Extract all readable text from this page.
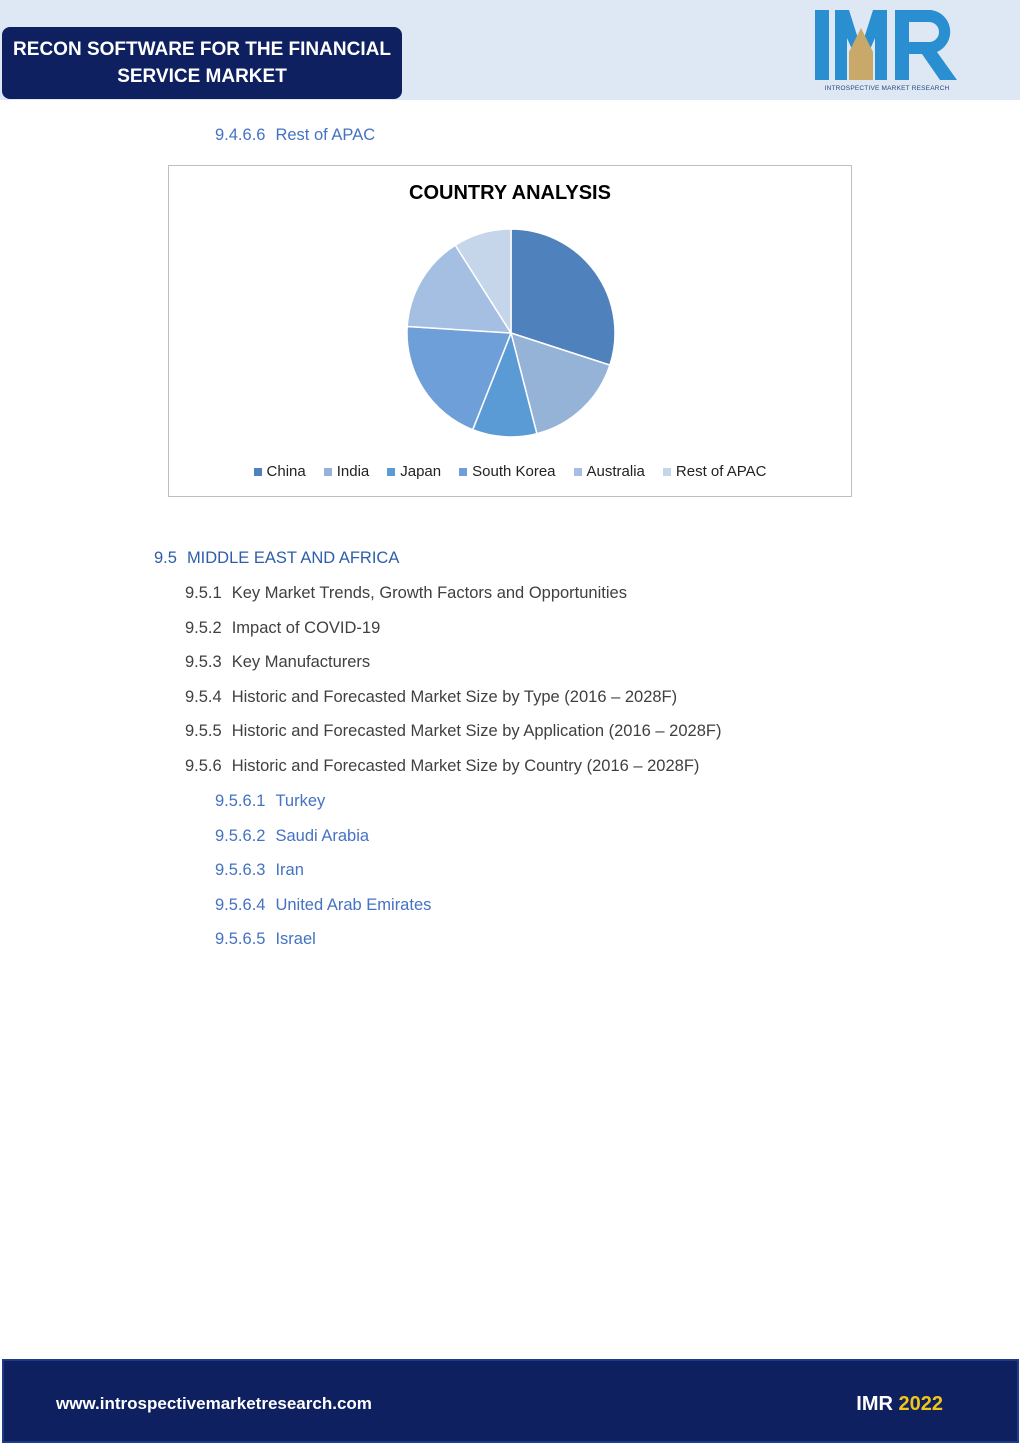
RECON SOFTWARE FOR THE FINANCIAL
SERVICE MARKET
INTROSPECTIVE MARKET RESEARCH
9.4.6.6 Rest of APAC
COUNTRY ANALYSIS
China India Japan South Korea Australia Rest of APAC
9.5 MIDDLE EAST AND AFRICA
9.5.1 Key Market Trends, Growth Factors and Opportunities
9.5.2 Impact of COVID-19
9.5.3 Key Manufacturers
9.5.4 Historic and Forecasted Market Size by Type (2016 – 2028F)
9.5.5 Historic and Forecasted Market Size by Application (2016 – 2028F)
9.5.6 Historic and Forecasted Market Size by Country (2016 – 2028F)
9.5.6.1 Turkey
9.5.6.2 Saudi Arabia
9.5.6.3 Iran
9.5.6.4 United Arab Emirates
9.5.6.5 Israel
www.introspectivemarketresearch.com	IMR 2022
